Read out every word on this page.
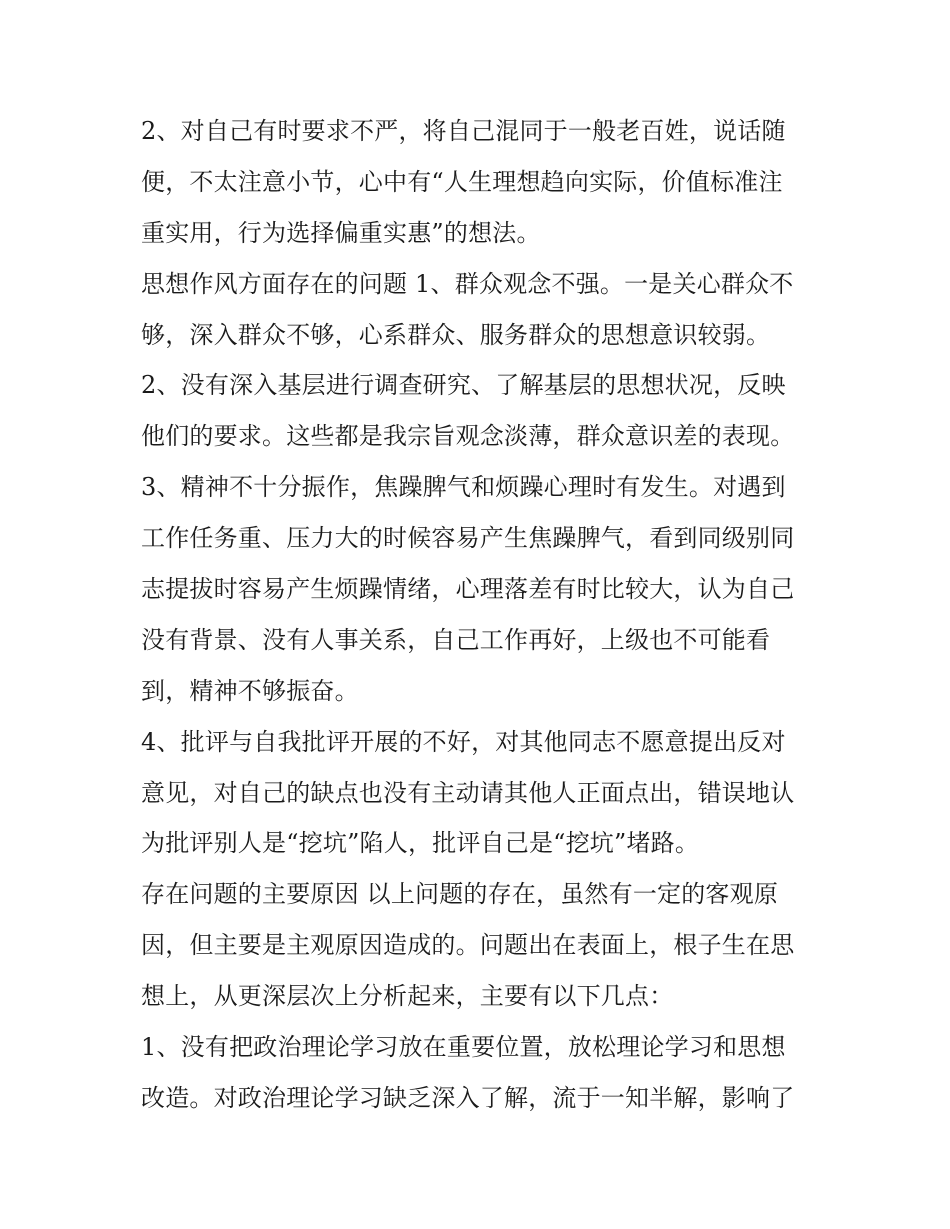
2、对自己有时要求不严，将自己混同于一般老百姓，说话随
便，不太注意小节，心中有“人生理想趋向实际，价值标准注
重实用，行为选择偏重实惠”的想法。
思想作风方面存在的问题 1、群众观念不强。一是关心群众不
够，深入群众不够，心系群众、服务群众的思想意识较弱。
2、没有深入基层进行调查研究、了解基层的思想状况，反映
他们的要求。这些都是我宗旨观念淡薄，群众意识差的表现。
3、精神不十分振作，焦躁脾气和烦躁心理时有发生。对遇到
工作任务重、压力大的时候容易产生焦躁脾气，看到同级别同
志提拔时容易产生烦躁情绪，心理落差有时比较大，认为自己
没有背景、没有人事关系，自己工作再好，上级也不可能看
到，精神不够振奋。
4、批评与自我批评开展的不好，对其他同志不愿意提出反对
意见，对自己的缺点也没有主动请其他人正面点出，错误地认
为批评别人是“挖坑”陷人，批评自己是“挖坑”堵路。
存在问题的主要原因 以上问题的存在，虽然有一定的客观原
因，但主要是主观原因造成的。问题出在表面上，根子生在思
想上，从更深层次上分析起来，主要有以下几点：
1、没有把政治理论学习放在重要位置，放松理论学习和思想
改造。对政治理论学习缺乏深入了解，流于一知半解，影响了
